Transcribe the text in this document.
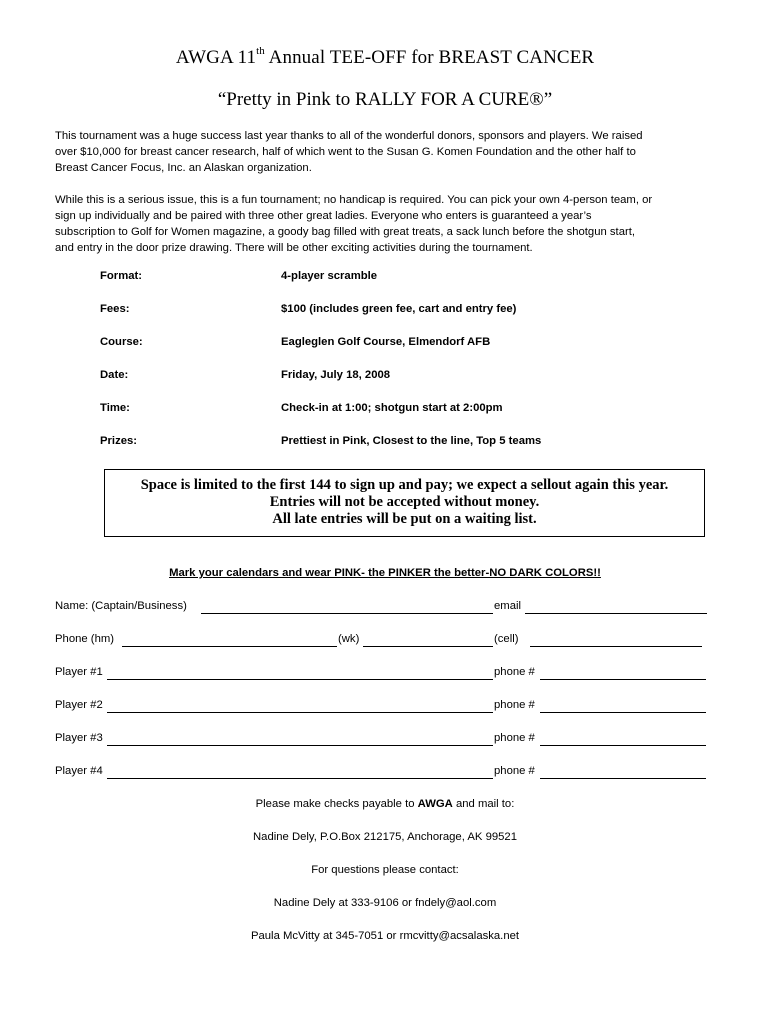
AWGA 11th Annual TEE-OFF for BREAST CANCER
“Pretty in Pink to RALLY FOR A CURE®”
This tournament was a huge success last year thanks to all of the wonderful donors, sponsors and players. We raised
over $10,000 for breast cancer research, half of which went to the Susan G. Komen Foundation and the other half to
Breast Cancer Focus, Inc. an Alaskan organization.
While this is a serious issue, this is a fun tournament; no handicap is required. You can pick your own 4-person team, or
sign up individually and be paired with three other great ladies. Everyone who enters is guaranteed a year’s
subscription to Golf for Women magazine, a goody bag filled with great treats, a sack lunch before the shotgun start,
and entry in the door prize drawing. There will be other exciting activities during the tournament.
Format:	4-player scramble
Fees:	$100 (includes green fee, cart and entry fee)
Course:	Eagleglen Golf Course, Elmendorf AFB
Date:	Friday, July 18, 2008
Time:	Check-in at 1:00; shotgun start at 2:00pm
Prizes:	Prettiest in Pink, Closest to the line, Top 5 teams
Space is limited to the first 144 to sign up and pay; we expect a sellout again this year.
Entries will not be accepted without money.
All late entries will be put on a waiting list.
Mark your calendars and wear PINK- the PINKER the better-NO DARK COLORS!!
Name: (Captain/Business)	email
Phone (hm)	(wk)	(cell)
Player #1	phone #
Player #2	phone #
Player #3	phone #
Player #4	phone #
Please make checks payable to AWGA and mail to:
Nadine Dely, P.O.Box 212175, Anchorage, AK 99521
For questions please contact:
Nadine Dely at 333-9106 or fndely@aol.com
Paula McVitty at 345-7051 or rmcvitty@acsalaska.net
